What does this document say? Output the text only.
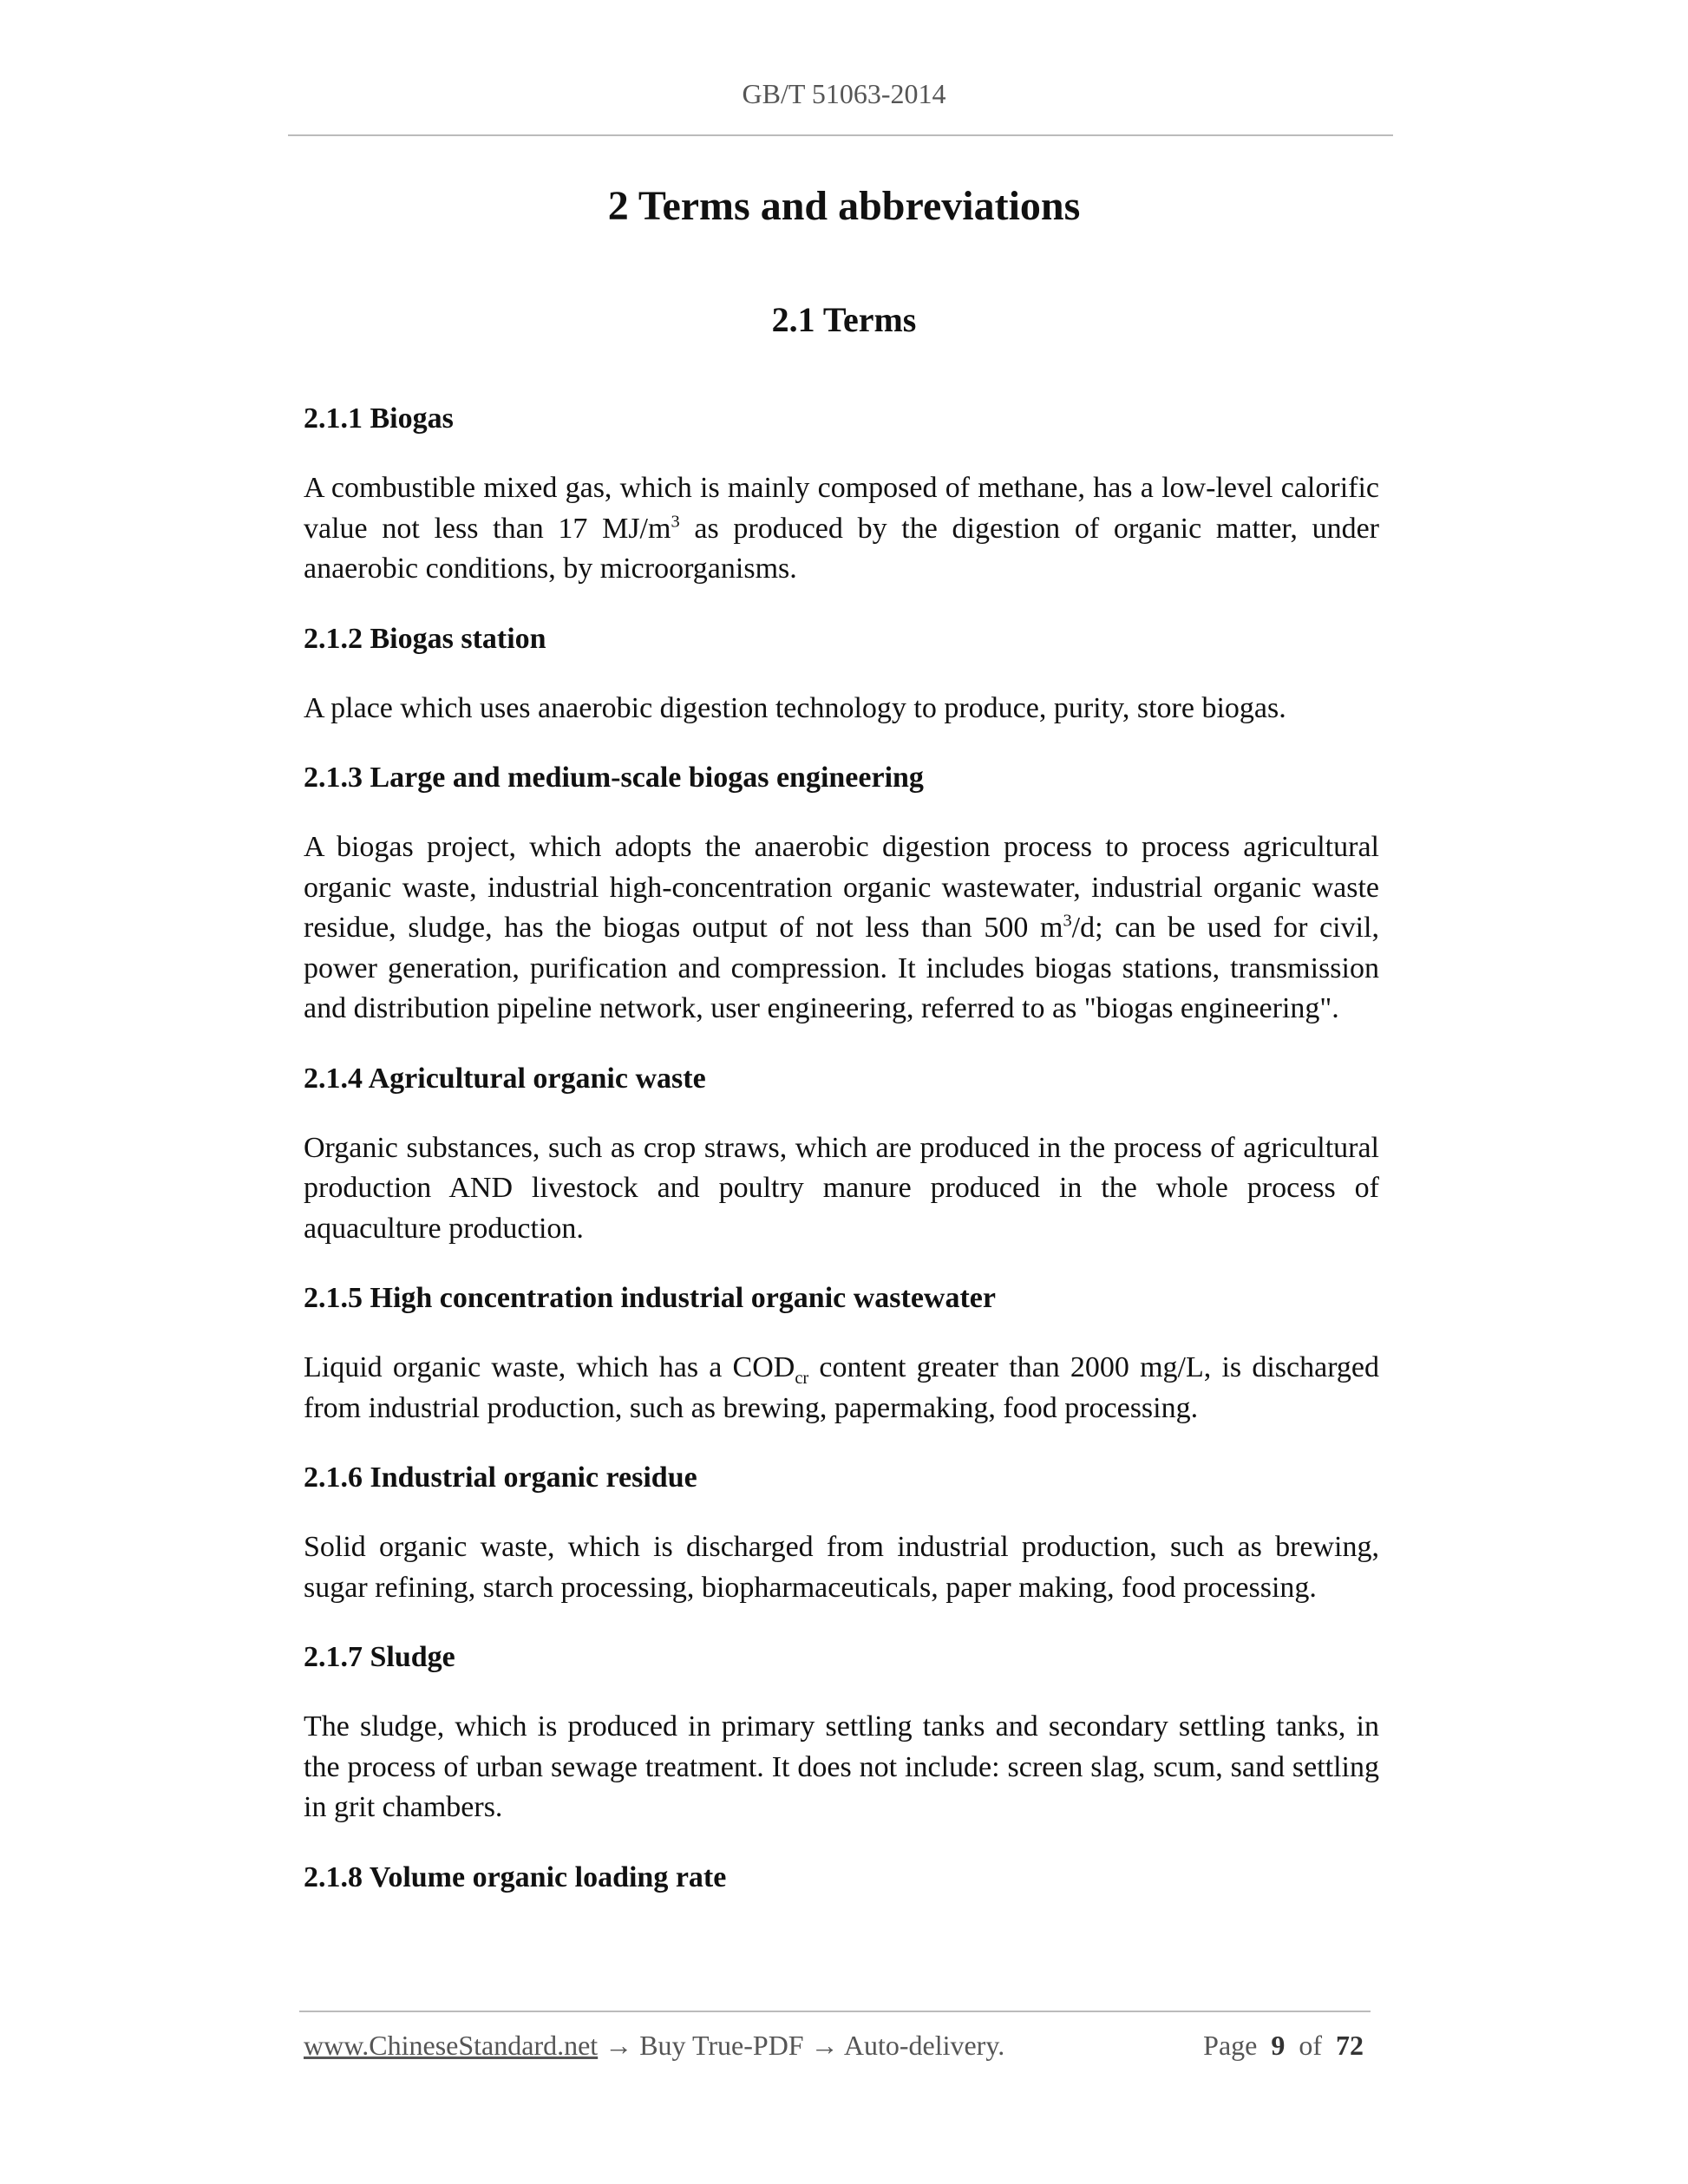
GB/T 51063-2014
2 Terms and abbreviations
2.1 Terms
2.1.1 Biogas

A combustible mixed gas, which is mainly composed of methane, has a low-level calorific value not less than 17 $MJ/m^3$ as produced by the digestion of organic matter, under anaerobic conditions, by microorganisms.

2.1.2 Biogas station

A place which uses anaerobic digestion technology to produce, purity, store biogas.

2.1.3 Large and medium-scale biogas engineering

A biogas project, which adopts the anaerobic digestion process to process agricultural organic waste, industrial high-concentration organic wastewater, industrial organic waste residue, sludge, has the biogas output of not less than 500 $m^3/d$; can be used for civil, power generation, purification and compression. It includes biogas stations, transmission and distribution pipeline network, user engineering, referred to as "biogas engineering".

2.1.4 Agricultural organic waste

Organic substances, such as crop straws, which are produced in the process of agricultural production AND livestock and poultry manure produced in the whole process of aquaculture production.

2.1.5 High concentration industrial organic wastewater

Liquid organic waste, which has a $COD_{cr}$ content greater than 2000 mg/L, is discharged from industrial production, such as brewing, papermaking, food processing.

2.1.6 Industrial organic residue

Solid organic waste, which is discharged from industrial production, such as brewing, sugar refining, starch processing, biopharmaceuticals, paper making, food processing.

2.1.7 Sludge

The sludge, which is produced in primary settling tanks and secondary settling tanks, in the process of urban sewage treatment. It does not include: screen slag, scum, sand settling in grit chambers.

2.1.8 Volume organic loading rate
www.ChineseStandard.net → Buy True-PDF → Auto-delivery.	Page 9 of 72
